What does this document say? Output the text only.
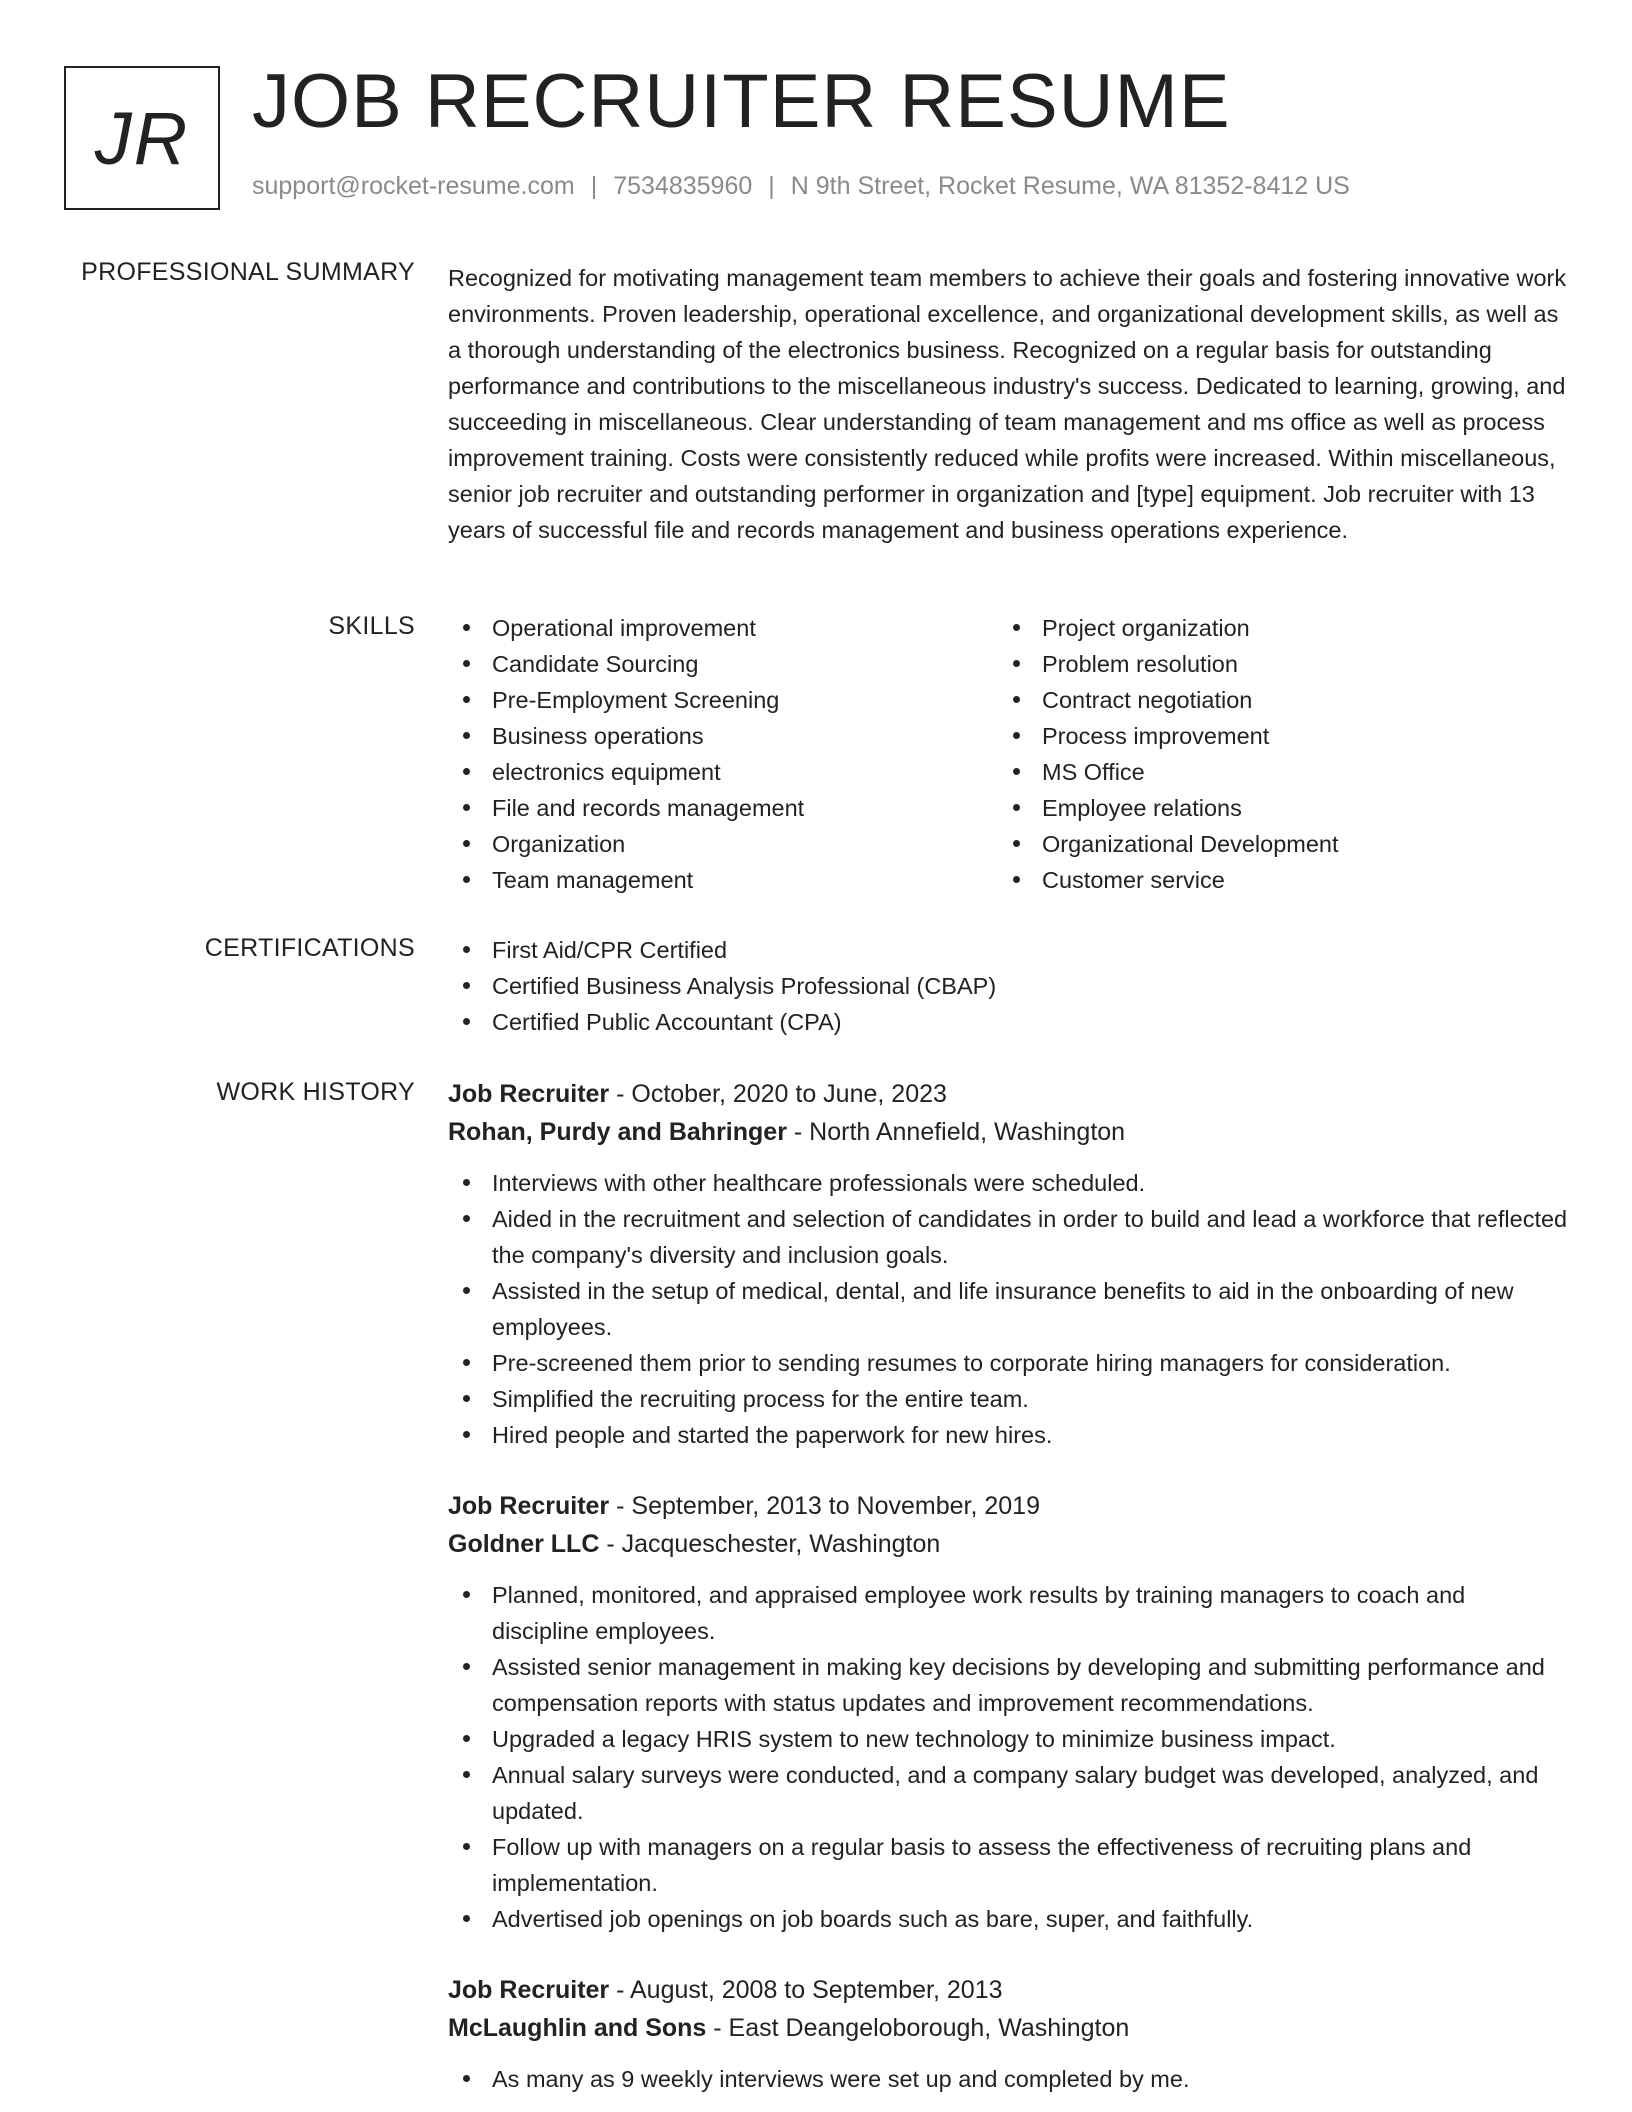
JR JOB RECRUITER RESUME
support@rocket-resume.com | 7534835960 | N 9th Street, Rocket Resume, WA 81352-8412 US
PROFESSIONAL SUMMARY Recognized for motivating management team members to achieve their goals and fostering innovative work environments. Proven leadership, operational excellence, and organizational development skills, as well as a thorough understanding of the electronics business. Recognized on a regular basis for outstanding performance and contributions to the miscellaneous industry's success. Dedicated to learning, growing, and succeeding in miscellaneous. Clear understanding of team management and ms office as well as process improvement training. Costs were consistently reduced while profits were increased. Within miscellaneous, senior job recruiter and outstanding performer in organization and [type] equipment. Job recruiter with 13 years of successful file and records management and business operations experience.
SKILLS	Operational improvement
Candidate Sourcing
Pre-Employment Screening
Business operations
electronics equipment
File and records management
Organization
Team management
Project organization
Problem resolution
Contract negotiation
Process improvement
MS Office
Employee relations
Organizational Development
Customer service
CERTIFICATIONS	First Aid/CPR Certified
Certified Business Analysis Professional (CBAP)
Certified Public Accountant (CPA)
WORK HISTORY Job Recruiter - October, 2020 to June, 2023
Rohan, Purdy and Bahringer - North Annefield, Washington
Interviews with other healthcare professionals were scheduled.
Aided in the recruitment and selection of candidates in order to build and lead a workforce that reflected the company's diversity and inclusion goals.
Assisted in the setup of medical, dental, and life insurance benefits to aid in the onboarding of new employees.
Pre-screened them prior to sending resumes to corporate hiring managers for consideration.
Simplified the recruiting process for the entire team.
Hired people and started the paperwork for new hires.
Job Recruiter - September, 2013 to November, 2019
Goldner LLC - Jacqueschester, Washington
Planned, monitored, and appraised employee work results by training managers to coach and discipline employees.
Assisted senior management in making key decisions by developing and submitting performance and compensation reports with status updates and improvement recommendations.
Upgraded a legacy HRIS system to new technology to minimize business impact.
Annual salary surveys were conducted, and a company salary budget was developed, analyzed, and updated.
Follow up with managers on a regular basis to assess the effectiveness of recruiting plans and implementation.
Advertised job openings on job boards such as bare, super, and faithfully.
Job Recruiter - August, 2008 to September, 2013
McLaughlin and Sons - East Deangeloborough, Washington
As many as 9 weekly interviews were set up and completed by me.
